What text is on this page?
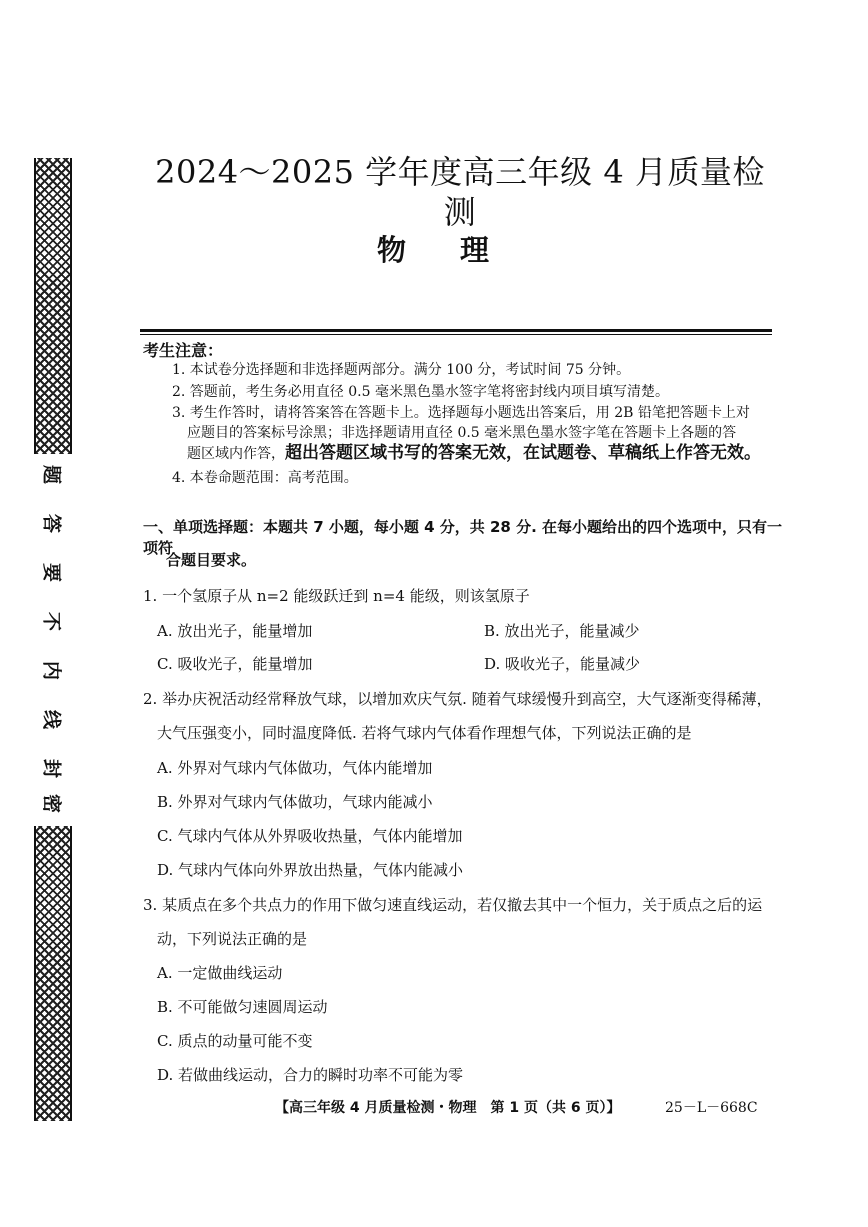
题
答
要
不
内
线
封
密
2024～2025 学年度高三年级 4 月质量检测
物理
考生注意：
1. 本试卷分选择题和非选择题两部分。满分 100 分，考试时间 75 分钟。
2. 答题前，考生务必用直径 0.5 毫米黑色墨水签字笔将密封线内项目填写清楚。
3. 考生作答时，请将答案答在答题卡上。选择题每小题选出答案后，用 2B 铅笔把答题卡上对
应题目的答案标号涂黑；非选择题请用直径 0.5 毫米黑色墨水签字笔在答题卡上各题的答
题区域内作答，超出答题区域书写的答案无效，在试题卷、草稿纸上作答无效。
4. 本卷命题范围：高考范围。
一、单项选择题：本题共 7 小题，每小题 4 分，共 28 分. 在每小题给出的四个选项中，只有一项符
合题目要求。
1. 一个氢原子从 n=2 能级跃迁到 n=4 能级，则该氢原子
A. 放出光子，能量增加	B. 放出光子，能量减少
C. 吸收光子，能量增加	D. 吸收光子，能量减少
2. 举办庆祝活动经常释放气球，以增加欢庆气氛. 随着气球缓慢升到高空，大气逐渐变得稀薄，
大气压强变小，同时温度降低. 若将气球内气体看作理想气体，下列说法正确的是
A. 外界对气球内气体做功，气体内能增加
B. 外界对气球内气体做功，气球内能减小
C. 气球内气体从外界吸收热量，气体内能增加
D. 气球内气体向外界放出热量，气体内能减小
3. 某质点在多个共点力的作用下做匀速直线运动，若仅撤去其中一个恒力，关于质点之后的运
动，下列说法正确的是
A. 一定做曲线运动
B. 不可能做匀速圆周运动
C. 质点的动量可能不变
D. 若做曲线运动，合力的瞬时功率不可能为零
【高三年级 4 月质量检测・物理　第 1 页（共 6 页）】	25－L－668C
